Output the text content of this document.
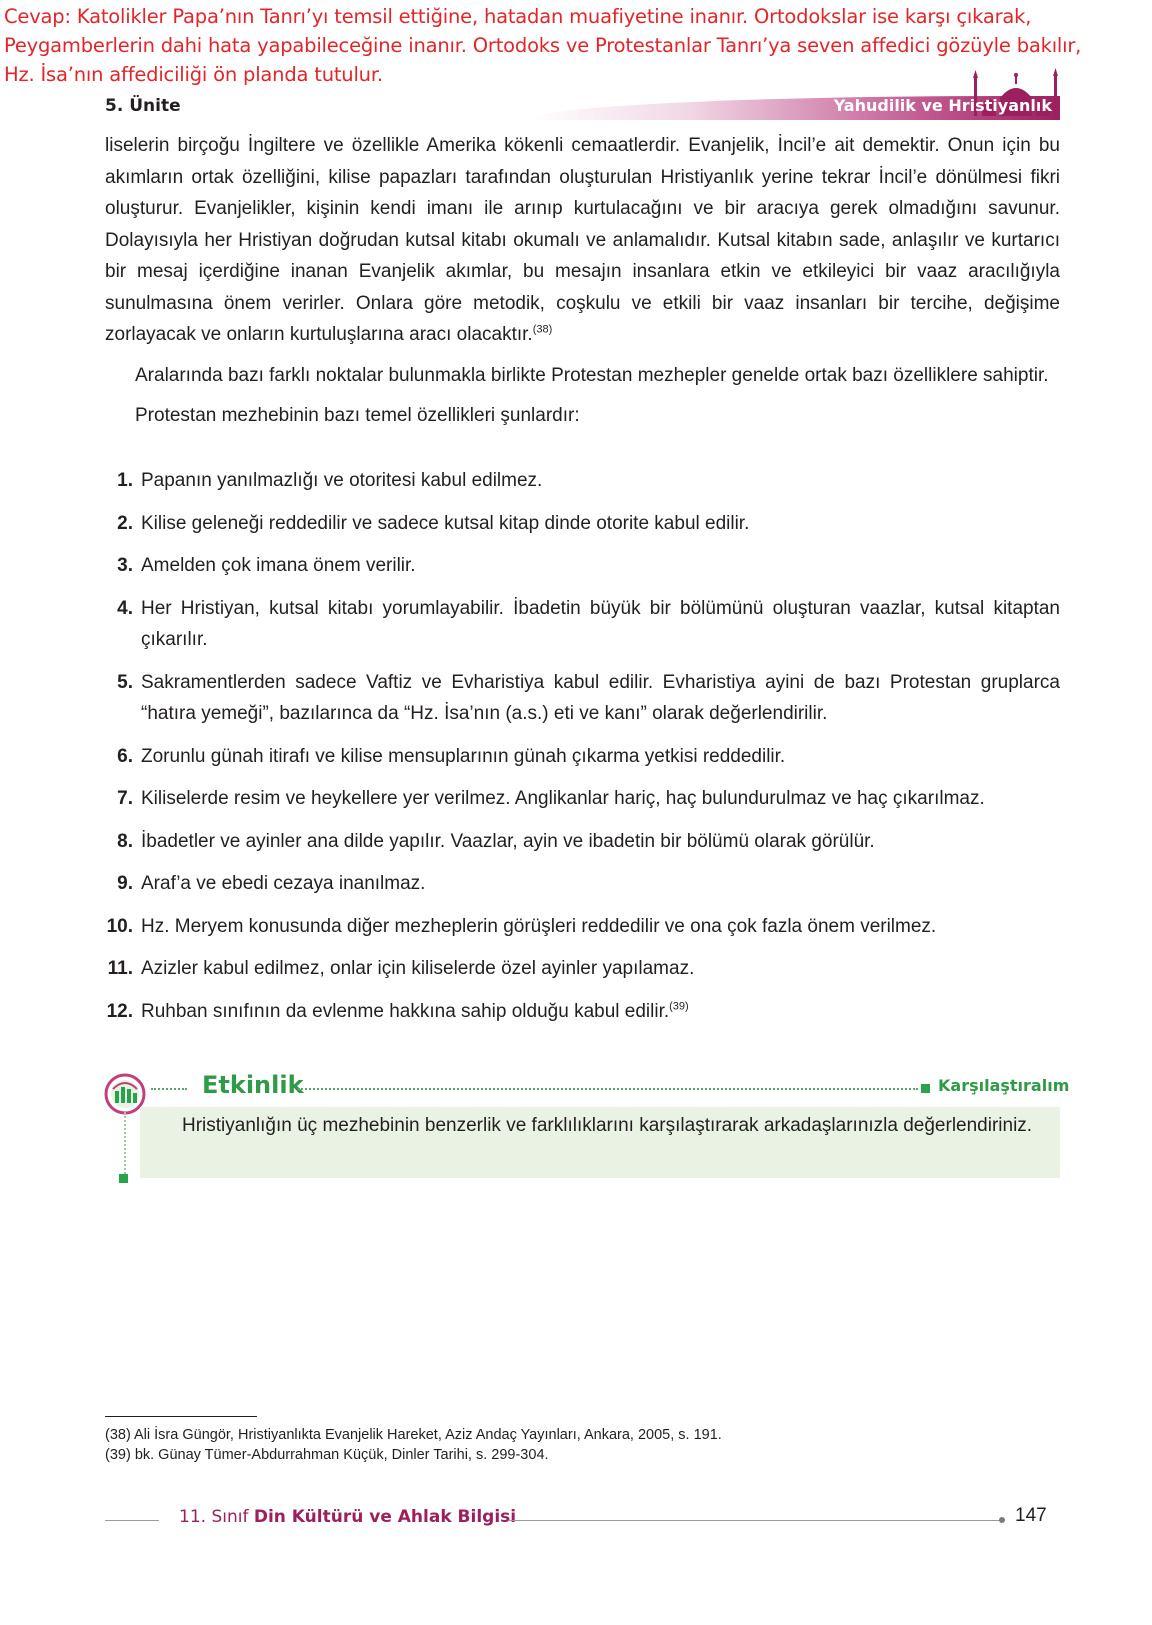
Cevap: Katolikler Papa’nın Tanrı’yı temsil ettiğine, hatadan muafiyetine inanır. Ortodokslar ise karşı çıkarak, Peygamberlerin dahi hata yapabileceğine inanır. Ortodoks ve Protestanlar Tanrı’ya seven affedici gözüyle bakılır, Hz. İsa’nın affediciliği ön planda tutulur.
5. Ünite	Yahudilik ve Hristiyanlık

liselerin birçoğu İngiltere ve özellikle Amerika kökenli cemaatlerdir. Evanjelik, İncil’e ait demektir. Onun için bu akımların ortak özelliğini, kilise papazları tarafından oluşturulan Hristiyanlık yerine tekrar İncil’e dönülmesi fikri oluşturur. Evanjelikler, kişinin kendi imanı ile arınıp kurtulacağını ve bir aracıya gerek olmadığını savunur. Dolayısıyla her Hristiyan doğrudan kutsal kitabı okumalı ve anlamalıdır. Kutsal kitabın sade, anlaşılır ve kurtarıcı bir mesaj içerdiğine inanan Evanjelik akımlar, bu mesajın insanlara etkin ve etkileyici bir vaaz aracılığıyla sunulmasına önem verirler. Onlara göre metodik, coşkulu ve etkili bir vaaz insanları bir tercihe, değişime zorlayacak ve onların kurtuluşlarına aracı olacaktır.$^{(38)}$

Aralarında bazı farklı noktalar bulunmakla birlikte Protestan mezhepler genelde ortak bazı özelliklere sahiptir.

Protestan mezhebinin bazı temel özellikleri şunlardır:

1. Papanın yanılmazlığı ve otoritesi kabul edilmez.
2. Kilise geleneği reddedilir ve sadece kutsal kitap dinde otorite kabul edilir.
3. Amelden çok imana önem verilir.
4. Her Hristiyan, kutsal kitabı yorumlayabilir. İbadetin büyük bir bölümünü oluşturan vaazlar, kutsal kitaptan çıkarılır.
5. Sakramentlerden sadece Vaftiz ve Evharistiya kabul edilir. Evharistiya ayini de bazı Protestan gruplarca “hatıra yemeği”, bazılarınca da “Hz. İsa’nın (a.s.) eti ve kanı” olarak değerlendirilir.
6. Zorunlu günah itirafı ve kilise mensuplarının günah çıkarma yetkisi reddedilir.
7. Kiliselerde resim ve heykellere yer verilmez. Anglikanlar hariç, haç bulundurulmaz ve haç çıkarılmaz.
8. İbadetler ve ayinler ana dilde yapılır. Vaazlar, ayin ve ibadetin bir bölümü olarak görülür.
9. Araf’a ve ebedi cezaya inanılmaz.
10. Hz. Meryem konusunda diğer mezheplerin görüşleri reddedilir ve ona çok fazla önem verilmez.
11. Azizler kabul edilmez, onlar için kiliselerde özel ayinler yapılamaz.
12. Ruhban sınıfının da evlenme hakkına sahip olduğu kabul edilir.$^{(39)}$
Etkinlik	Karşılaştıralım

Hristiyanlığın üç mezhebinin benzerlik ve farklılıklarını karşılaştırarak arkadaşlarınızla değerlendiriniz.

(38) Ali İsra Güngör, Hristiyanlıkta Evanjelik Hareket, Aziz Andaç Yayınları, Ankara, 2005, s. 191.
(39) bk. Günay Tümer-Abdurrahman Küçük, Dinler Tarihi, s. 299-304.
11. Sınıf Din Kültürü ve Ahlak Bilgisi	147
